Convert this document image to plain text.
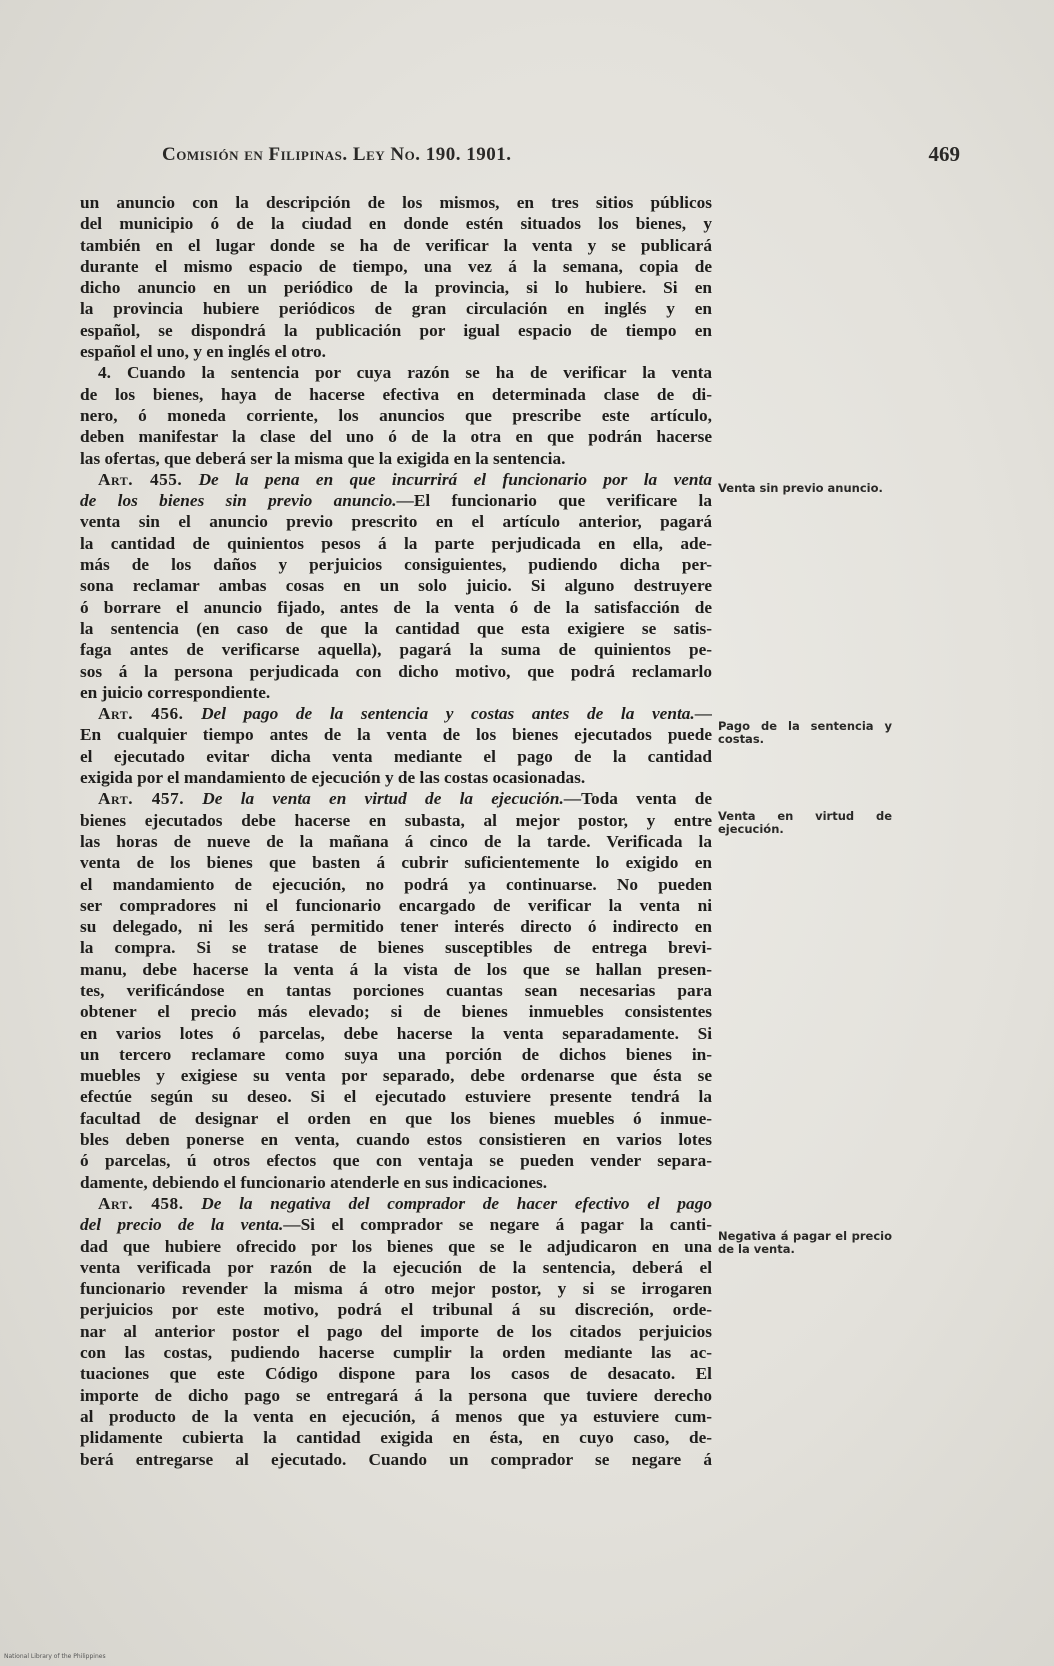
Comisión en Filipinas. Ley No. 190. 1901.	469
un anuncio con la descripción de los mismos, en tres sitios públicos
del municipio ó de la ciudad en donde estén situados los bienes, y
también en el lugar donde se ha de verificar la venta y se publicará
durante el mismo espacio de tiempo, una vez á la semana, copia de
dicho anuncio en un periódico de la provincia, si lo hubiere. Si en
la provincia hubiere periódicos de gran circulación en inglés y en
español, se dispondrá la publicación por igual espacio de tiempo en
español el uno, y en inglés el otro.
4. Cuando la sentencia por cuya razón se ha de verificar la venta
de los bienes, haya de hacerse efectiva en determinada clase de di-
nero, ó moneda corriente, los anuncios que prescribe este artículo,
deben manifestar la clase del uno ó de la otra en que podrán hacerse
las ofertas, que deberá ser la misma que la exigida en la sentencia.
Art. 455. De la pena en que incurrirá el funcionario por la venta
de los bienes sin previo anuncio.—El funcionario que verificare la
venta sin el anuncio previo prescrito en el artículo anterior, pagará
la cantidad de quinientos pesos á la parte perjudicada en ella, ade-
más de los daños y perjuicios consiguientes, pudiendo dicha per-
sona reclamar ambas cosas en un solo juicio. Si alguno destruyere
ó borrare el anuncio fijado, antes de la venta ó de la satisfacción de
la sentencia (en caso de que la cantidad que esta exigiere se satis-
faga antes de verificarse aquella), pagará la suma de quinientos pe-
sos á la persona perjudicada con dicho motivo, que podrá reclamarlo
en juicio correspondiente.
Art. 456. Del pago de la sentencia y costas antes de la venta.—
En cualquier tiempo antes de la venta de los bienes ejecutados puede
el ejecutado evitar dicha venta mediante el pago de la cantidad
exigida por el mandamiento de ejecución y de las costas ocasionadas.
Art. 457. De la venta en virtud de la ejecución.—Toda venta de
bienes ejecutados debe hacerse en subasta, al mejor postor, y entre
las horas de nueve de la mañana á cinco de la tarde. Verificada la
venta de los bienes que basten á cubrir suficientemente lo exigido en
el mandamiento de ejecución, no podrá ya continuarse. No pueden
ser compradores ni el funcionario encargado de verificar la venta ni
su delegado, ni les será permitido tener interés directo ó indirecto en
la compra. Si se tratase de bienes susceptibles de entrega brevi-
manu, debe hacerse la venta á la vista de los que se hallan presen-
tes, verificándose en tantas porciones cuantas sean necesarias para
obtener el precio más elevado; si de bienes inmuebles consistentes
en varios lotes ó parcelas, debe hacerse la venta separadamente. Si
un tercero reclamare como suya una porción de dichos bienes in-
muebles y exigiese su venta por separado, debe ordenarse que ésta se
efectúe según su deseo. Si el ejecutado estuviere presente tendrá la
facultad de designar el orden en que los bienes muebles ó inmue-
bles deben ponerse en venta, cuando estos consistieren en varios lotes
ó parcelas, ú otros efectos que con ventaja se pueden vender separa-
damente, debiendo el funcionario atenderle en sus indicaciones.
Art. 458. De la negativa del comprador de hacer efectivo el pago
del precio de la venta.—Si el comprador se negare á pagar la canti-
dad que hubiere ofrecido por los bienes que se le adjudicaron en una
venta verificada por razón de la ejecución de la sentencia, deberá el
funcionario revender la misma á otro mejor postor, y si se irrogaren
perjuicios por este motivo, podrá el tribunal á su discreción, orde-
nar al anterior postor el pago del importe de los citados perjuicios
con las costas, pudiendo hacerse cumplir la orden mediante las ac-
tuaciones que este Código dispone para los casos de desacato. El
importe de dicho pago se entregará á la persona que tuviere derecho
al producto de la venta en ejecución, á menos que ya estuviere cum-
plidamente cubierta la cantidad exigida en ésta, en cuyo caso, de-
berá entregarse al ejecutado. Cuando un comprador se negare á
Venta sin previo anuncio.
Pago de la sentencia y costas.
Venta en virtud de ejecución.
Negativa á pagar el precio de la venta.
National Library of the Philippines
